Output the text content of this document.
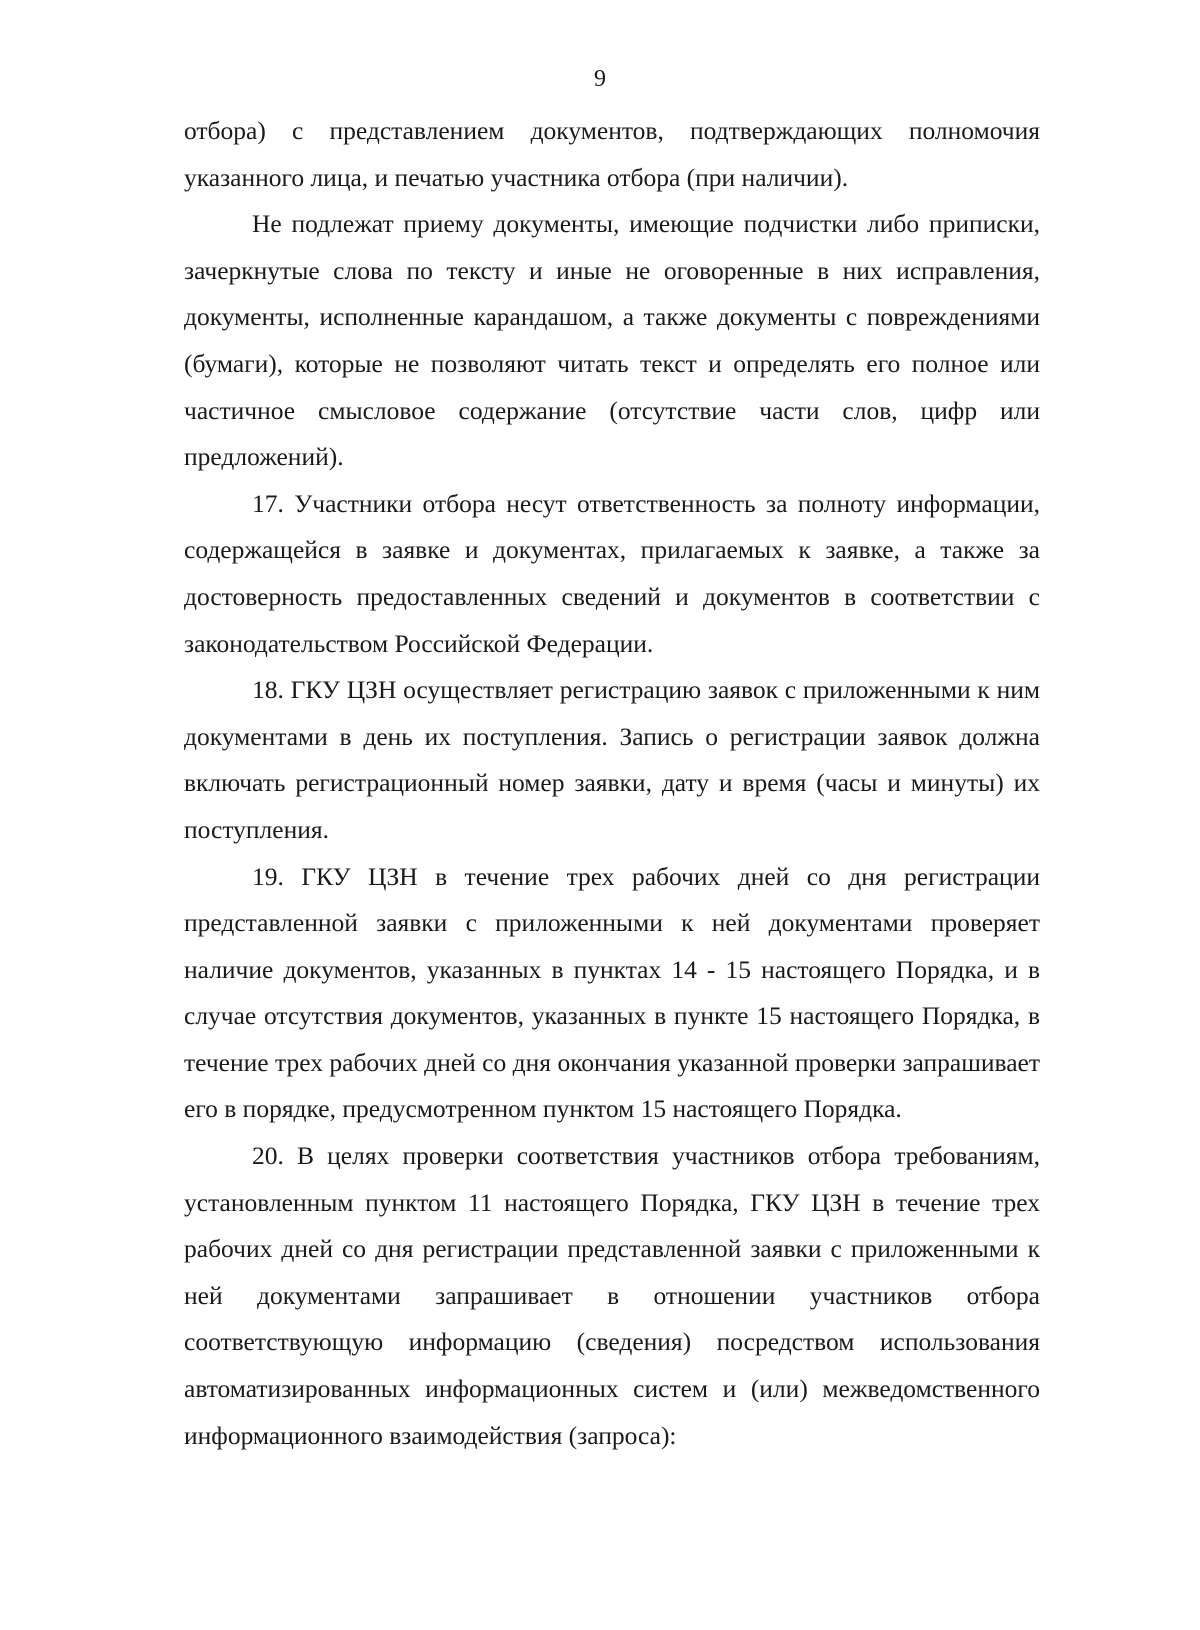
9

отбора) с представлением документов, подтверждающих полномочия указанного лица, и печатью участника отбора (при наличии).

Не подлежат приему документы, имеющие подчистки либо приписки, зачеркнутые слова по тексту и иные не оговоренные в них исправления, документы, исполненные карандашом, а также документы с повреждениями (бумаги), которые не позволяют читать текст и определять его полное или частичное смысловое содержание (отсутствие части слов, цифр или предложений).

17. Участники отбора несут ответственность за полноту информации, содержащейся в заявке и документах, прилагаемых к заявке, а также за достоверность предоставленных сведений и документов в соответствии с законодательством Российской Федерации.

18. ГКУ ЦЗН осуществляет регистрацию заявок с приложенными к ним документами в день их поступления. Запись о регистрации заявок должна включать регистрационный номер заявки, дату и время (часы и минуты) их поступления.

19. ГКУ ЦЗН в течение трех рабочих дней со дня регистрации представленной заявки с приложенными к ней документами проверяет наличие документов, указанных в пунктах 14 - 15 настоящего Порядка, и в случае отсутствия документов, указанных в пункте 15 настоящего Порядка, в течение трех рабочих дней со дня окончания указанной проверки запрашивает его в порядке, предусмотренном пунктом 15 настоящего Порядка.

20. В целях проверки соответствия участников отбора требованиям, установленным пунктом 11 настоящего Порядка, ГКУ ЦЗН в течение трех рабочих дней со дня регистрации представленной заявки с приложенными к ней документами запрашивает в отношении участников отбора соответствующую информацию (сведения) посредством использования автоматизированных информационных систем и (или) межведомственного информационного взаимодействия (запроса):
